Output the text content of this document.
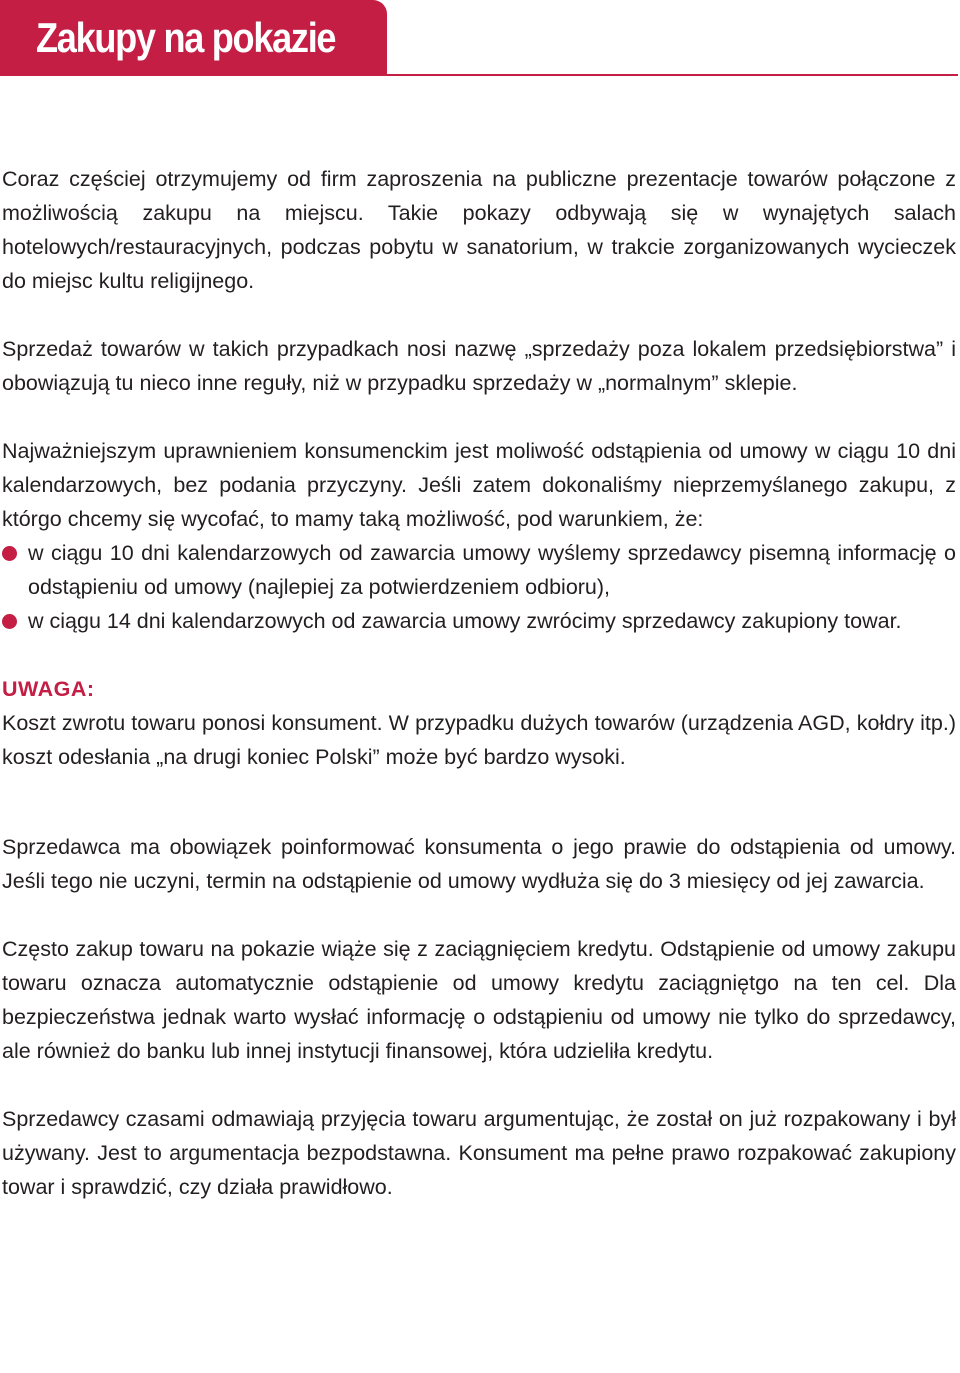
Zakupy na pokazie

Coraz częściej otrzymujemy od firm zaproszenia na publiczne prezentacje towarów połączone z możliwością zakupu na miejscu. Takie pokazy odbywają się w wynajętych salach hotelowych/restauracyjnych, podczas pobytu w sanatorium, w trakcie zorganizowanych wycieczek do miejsc kultu religijnego.

Sprzedaż towarów w takich przypadkach nosi nazwę „sprzedaży poza lokalem przedsiębiorstwa” i obowiązują tu nieco inne reguły, niż w przypadku sprzedaży w „normalnym” sklepie.

Najważniejszym uprawnieniem konsumenckim jest moliwość odstąpienia od umowy w ciągu 10 dni kalendarzowych, bez podania przyczyny. Jeśli zatem dokonaliśmy nieprzemyślanego zakupu, z którgo chcemy się wycofać, to mamy taką możliwość, pod warunkiem, że:

w ciągu 10 dni kalendarzowych od zawarcia umowy wyślemy sprzedawcy pisemną informację o odstąpieniu od umowy (najlepiej za potwierdzeniem odbioru),
w ciągu 14 dni kalendarzowych od zawarcia umowy zwrócimy sprzedawcy zakupiony towar.
UWAGA:

Koszt zwrotu towaru ponosi konsument. W przypadku dużych towarów (urządzenia AGD, kołdry itp.) koszt odesłania „na drugi koniec Polski” może być bardzo wysoki.

Sprzedawca ma obowiązek poinformować konsumenta o jego prawie do odstąpienia od umowy. Jeśli tego nie uczyni, termin na odstąpienie od umowy wydłuża się do 3 miesięcy od jej zawarcia.

Często zakup towaru na pokazie wiąże się z zaciągnięciem kredytu. Odstąpienie od umowy zakupu towaru oznacza automatycznie odstąpienie od umowy kredytu zaciągniętgo na ten cel. Dla bezpieczeństwa jednak warto wysłać informację o odstąpieniu od umowy nie tylko do sprzedawcy, ale również do banku lub innej instytucji finansowej, która udzieliła kredytu.

Sprzedawcy czasami odmawiają przyjęcia towaru argumentując, że został on już rozpakowany i był używany. Jest to argumentacja bezpodstawna. Konsument ma pełne prawo rozpakować zakupiony towar i sprawdzić, czy działa prawidłowo.
